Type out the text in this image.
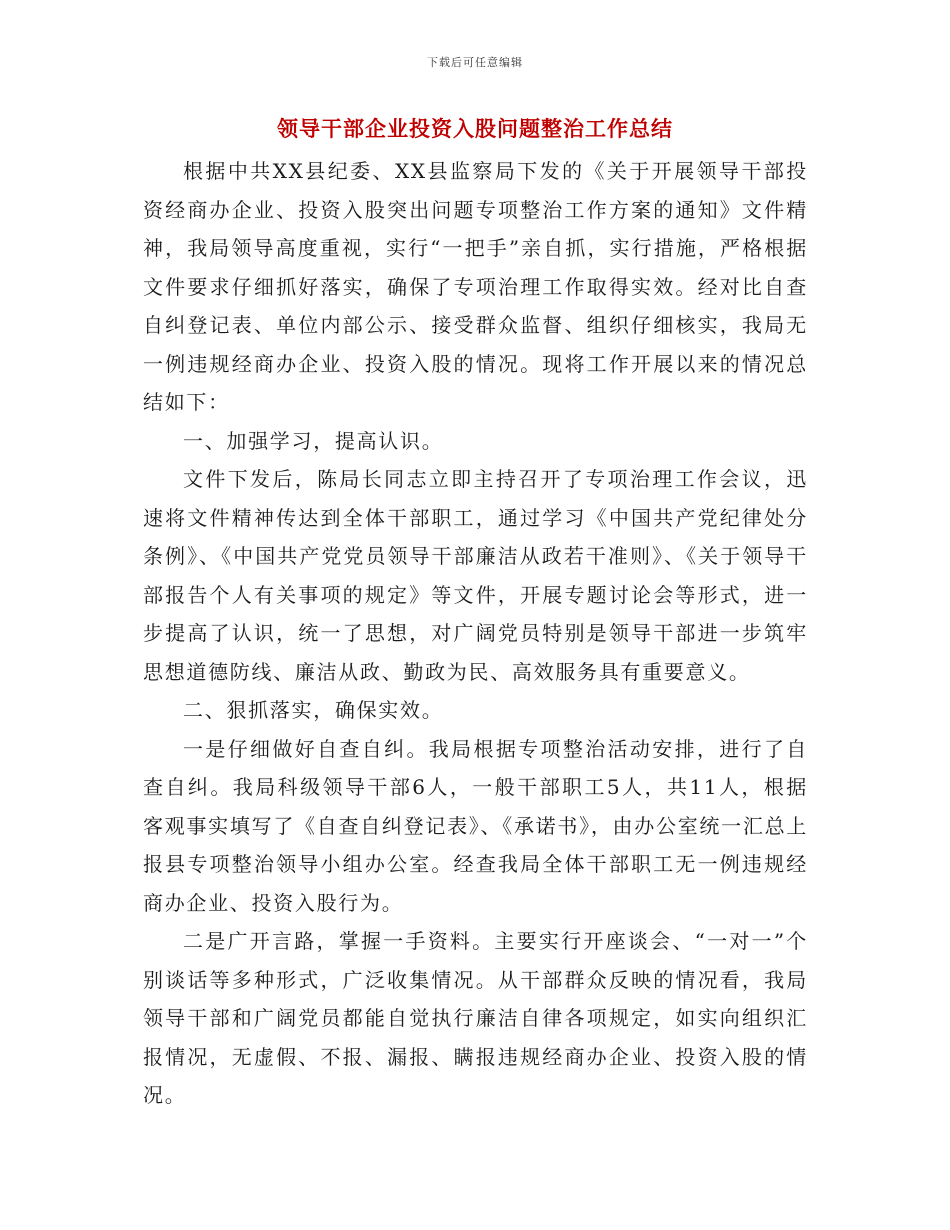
下载后可任意编辑
领导干部企业投资入股问题整治工作总结

根据中共XX县纪委、XX县监察局下发的《关于开展领导干部投资经商办企业、投资入股突出问题专项整治工作方案的通知》文件精神，我局领导高度重视，实行“一把手”亲自抓，实行措施，严格根据文件要求仔细抓好落实，确保了专项治理工作取得实效。经对比自查自纠登记表、单位内部公示、接受群众监督、组织仔细核实，我局无一例违规经商办企业、投资入股的情况。现将工作开展以来的情况总结如下：

一、加强学习，提高认识。

文件下发后，陈局长同志立即主持召开了专项治理工作会议，迅速将文件精神传达到全体干部职工，通过学习《中国共产党纪律处分条例》、《中国共产党党员领导干部廉洁从政若干准则》、《关于领导干部报告个人有关事项的规定》等文件，开展专题讨论会等形式，进一步提高了认识，统一了思想，对广阔党员特别是领导干部进一步筑牢思想道德防线、廉洁从政、勤政为民、高效服务具有重要意义。

二、狠抓落实，确保实效。

一是仔细做好自查自纠。我局根据专项整治活动安排，进行了自查自纠。我局科级领导干部6人，一般干部职工5人，共11人，根据客观事实填写了《自查自纠登记表》、《承诺书》，由办公室统一汇总上报县专项整治领导小组办公室。经查我局全体干部职工无一例违规经商办企业、投资入股行为。

二是广开言路，掌握一手资料。主要实行开座谈会、“一对一”个别谈话等多种形式，广泛收集情况。从干部群众反映的情况看，我局领导干部和广阔党员都能自觉执行廉洁自律各项规定，如实向组织汇报情况，无虚假、不报、漏报、瞒报违规经商办企业、投资入股的情况。
